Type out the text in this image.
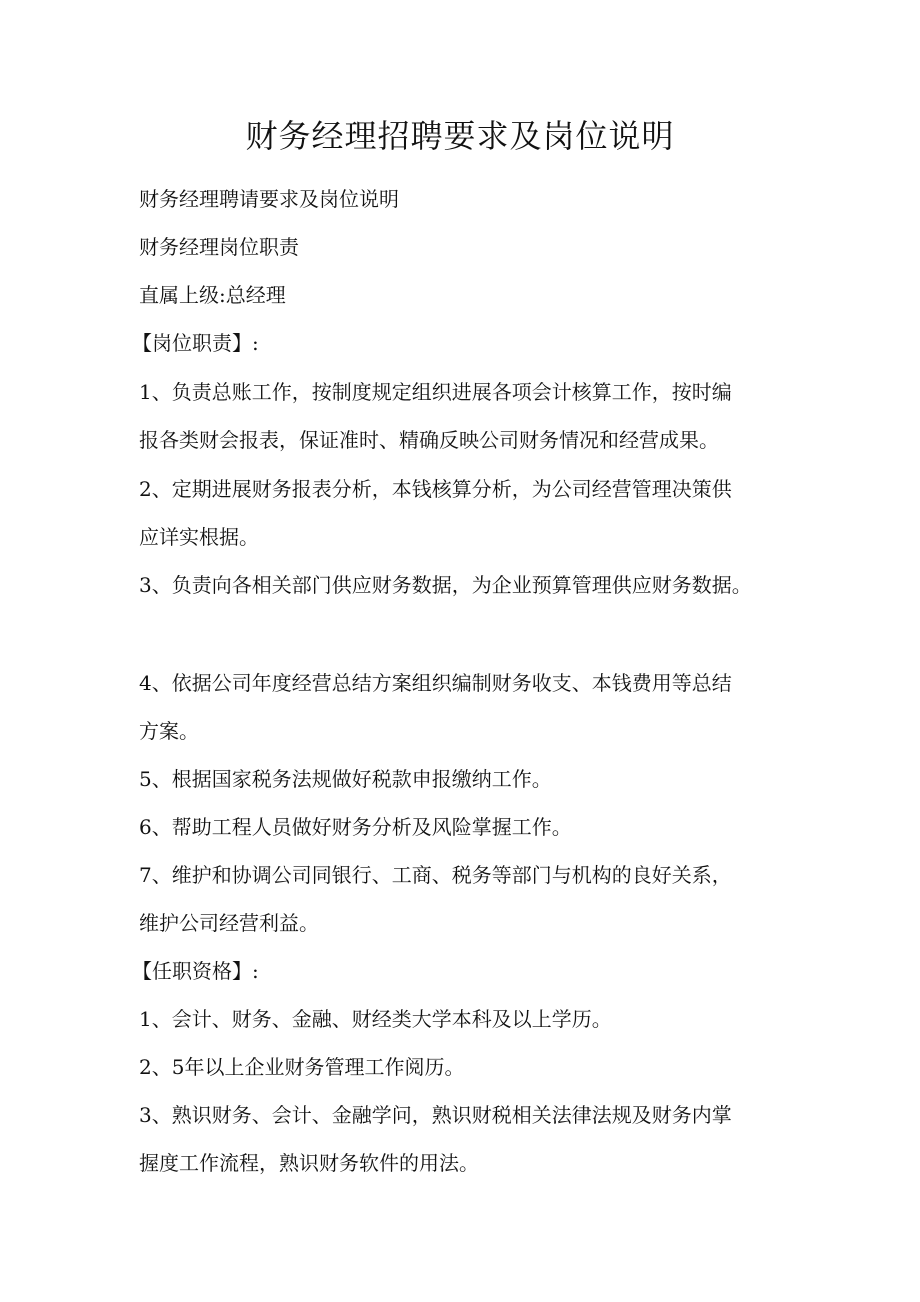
财务经理招聘要求及岗位说明
财务经理聘请要求及岗位说明
财务经理岗位职责
直属上级:总经理
【岗位职责】:
1、负责总账工作，按制度规定组织进展各项会计核算工作，按时编
报各类财会报表，保证准时、精确反映公司财务情况和经营成果。
2、定期进展财务报表分析，本钱核算分析，为公司经营管理决策供
应详实根据。
3、负责向各相关部门供应财务数据，为企业预算管理供应财务数据。
4、依据公司年度经营总结方案组织编制财务收支、本钱费用等总结
方案。
5、根据国家税务法规做好税款申报缴纳工作。
6、帮助工程人员做好财务分析及风险掌握工作。
7、维护和协调公司同银行、工商、税务等部门与机构的良好关系，
维护公司经营利益。
【任职资格】:
1、会计、财务、金融、财经类大学本科及以上学历。
2、5年以上企业财务管理工作阅历。
3、熟识财务、会计、金融学问，熟识财税相关法律法规及财务内掌
握度工作流程，熟识财务软件的用法。
